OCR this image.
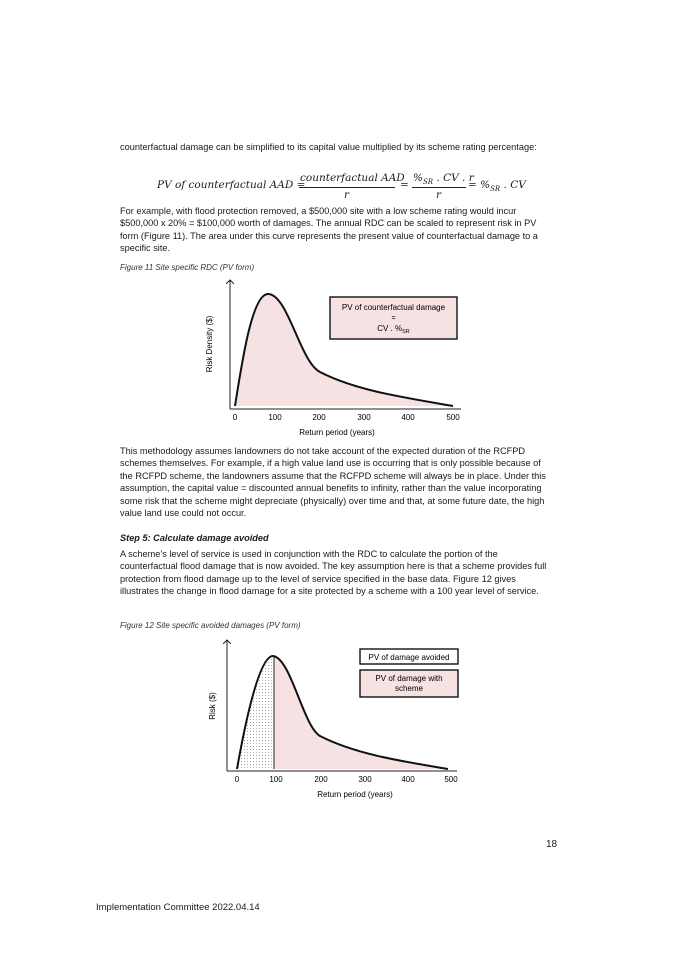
counterfactual damage can be simplified to its capital value multiplied by its scheme rating percentage:

PV of counterfactual AAD =
counterfactual AAD
r
=
$\%_{SR}$ . CV . r
r
= $\%_{SR}$ . CV

For example, with flood protection removed, a $500,000 site with a low scheme rating would incur $500,000 x 20% = $100,000 worth of damages. The annual RDC can be scaled to represent risk in PV form (Figure 11). The area under this curve represents the present value of counterfactual damage to a specific site.

Figure 11 Site specific RDC (PV form)
Risk Density ($)
0	100	200	300	400	500
Return period (years)
PV of counterfactual damage
=
CV . $\%_{SR}$

This methodology assumes landowners do not take account of the expected duration of the RCFPD schemes themselves. For example, if a high value land use is occurring that is only possible because of the RCFPD scheme, the landowners assume that the RCFPD scheme will always be in place. Under this assumption, the capital value = discounted annual benefits to infinity, rather than the value incorporating some risk that the scheme might depreciate (physically) over time and that, at some future date, the high value land use could not occur.

Step 5: Calculate damage avoided

A scheme’s level of service is used in conjunction with the RDC to calculate the portion of the counterfactual flood damage that is now avoided. The key assumption here is that a scheme provides full protection from flood damage up to the level of service specified in the base data. Figure 12 gives illustrates the change in flood damage for a site protected by a scheme with a 100 year level of service.

Figure 12 Site specific avoided damages (PV form)
Risk ($)
0	100	200	300	400	500
Return period (years)
PV of damage avoided
PV of damage with
scheme
18
Implementation Committee 2022.04.14
